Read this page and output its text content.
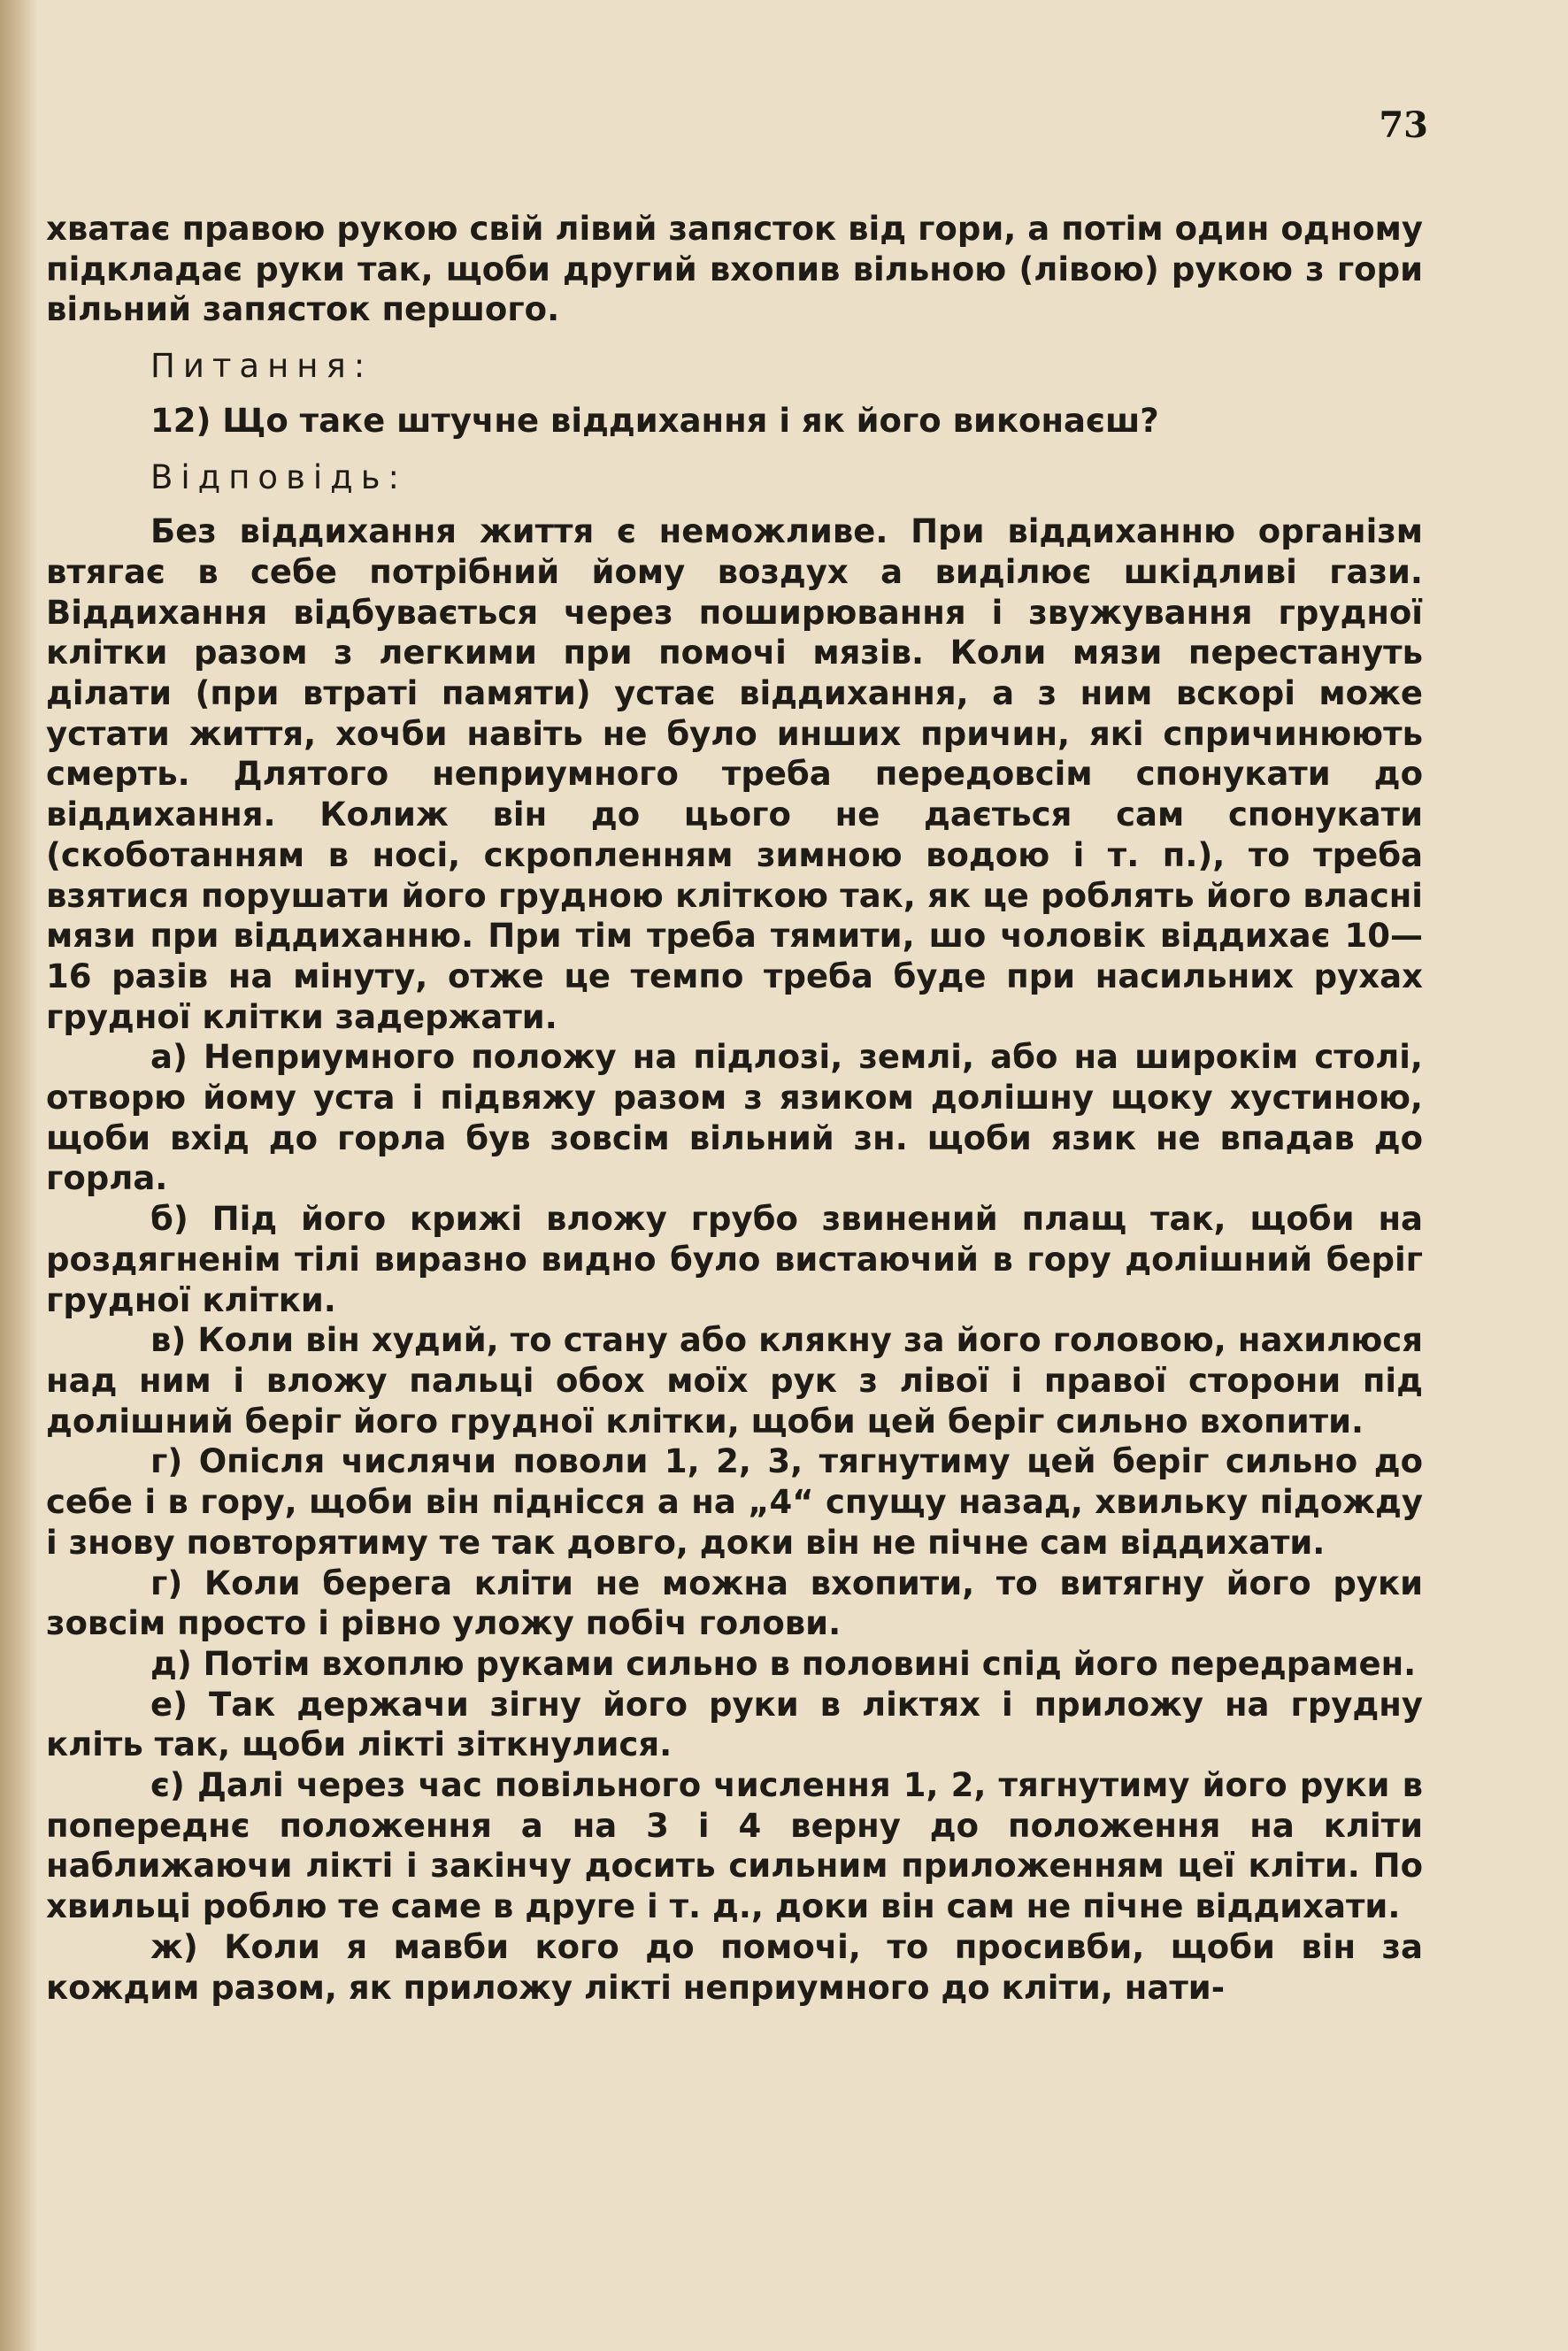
73

хватає правою рукою свій лівий запясток від гори, а потім один одному підкладає руки так, щоби другий вхопив вільною (лівою) рукою з гори вільний запясток першого.

Питання:

12) Що таке штучне віддихання і як його виконаєш?

Відповідь:

Без віддихання життя є неможливе. При віддиханню організм втягає в себе потрібний йому воздух а виділює шкідливі гази. Віддихання відбувається через поширювання і звужування грудної клітки разом з легкими при помочі мязів. Коли мязи перестануть ділати (при втраті памяти) устає віддихання, а з ним вскорі може устати життя, хочби навіть не було инших причин, які спричинюють смерть. Длятого неприумного треба передовсім спонукати до віддихання. Колиж він до цього не дається сам спонукати (скоботанням в носі, скропленням зимною водою і т. п.), то треба взятися порушати його грудною кліткою так, як це роблять його власні мязи при віддиханню. При тім треба тямити, шо чоловік віддихає 10—16 разів на мінуту, отже це темпо треба буде при насильних рухах грудної клітки задержати.

а) Неприумного положу на підлозі, землі, або на широкім столі, отворю йому уста і підвяжу разом з язиком долішну щоку хустиною, щоби вхід до горла був зовсім вільний зн. щоби язик не впадав до горла.

б) Під його крижі вложу грубо звинений плащ так, щоби на роздягненім тілі виразно видно було вистаючий в гору долішний беріг грудної клітки.

в) Коли він худий, то стану або клякну за його головою, нахилюся над ним і вложу пальці обох моїх рук з лівої і правої сторони під долішний беріг його грудної клітки, щоби цей беріг сильно вхопити.

г) Опісля числячи поволи 1, 2, 3, тягнутиму цей беріг сильно до себе і в гору, щоби він піднісся а на „4“ спущу назад, хвильку підожду і знову повторятиму те так довго, доки він не пічне сам віддихати.

г) Коли берега кліти не можна вхопити, то витягну його руки зовсім просто і рівно уложу побіч голови.

д) Потім вхоплю руками сильно в половині спід його передрамен.

е) Так держачи зігну його руки в ліктях і приложу на грудну кліть так, щоби лікті зіткнулися.

є) Далі через час повільного числення 1, 2, тягнутиму його руки в попереднє положення а на 3 і 4 верну до положення на кліти наближаючи лікті і закінчу досить сильним приложенням цеї кліти. По хвильці роблю те саме в друге і т. д., доки він сам не пічне віддихати.

ж) Коли я мавби кого до помочі, то просивби, щоби він за кождим разом, як приложу лікті неприумного до кліти, нати-
